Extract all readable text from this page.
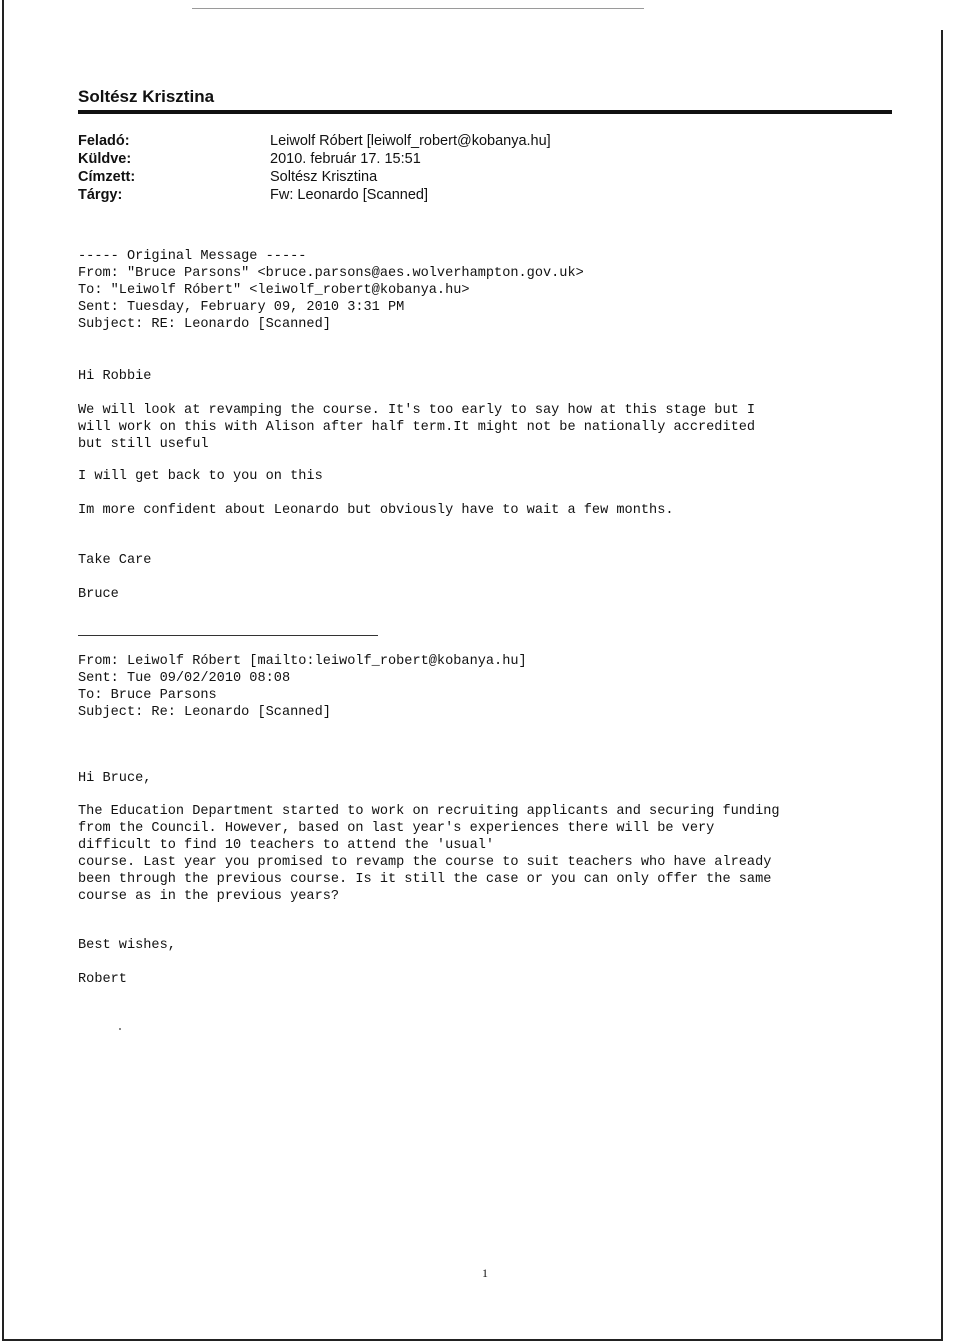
Soltész Krisztina
Feladó:	Leiwolf Róbert [leiwolf_robert@kobanya.hu]
Küldve:	2010. február 17. 15:51
Címzett:	Soltész Krisztina
Tárgy:	Fw: Leonardo [Scanned]

----- Original Message -----

From: "Bruce Parsons" <bruce.parsons@aes.wolverhampton.gov.uk>

To: "Leiwolf Róbert" <leiwolf_robert@kobanya.hu>

Sent: Tuesday, February 09, 2010 3:31 PM

Subject: RE: Leonardo [Scanned]

Hi Robbie

We will look at revamping the course. It's too early to say how at this stage but I

will work on this with Alison after half term.It might not be nationally accredited

but still useful

I will get back to you on this

Im more confident about Leonardo but obviously have to wait a few months.

Take Care

Bruce

From: Leiwolf Róbert [mailto:leiwolf_robert@kobanya.hu]

Sent: Tue 09/02/2010 08:08

To: Bruce Parsons

Subject: Re: Leonardo [Scanned]

Hi Bruce,

The Education Department started to work on recruiting applicants and securing funding

from the Council. However, based on last year's experiences there will be very

difficult to find 10 teachers to attend the 'usual'

course. Last year you promised to revamp the course to suit teachers who have already

been through the previous course. Is it still the case or you can only offer the same

course as in the previous years?

Best wishes,

Robert

1
